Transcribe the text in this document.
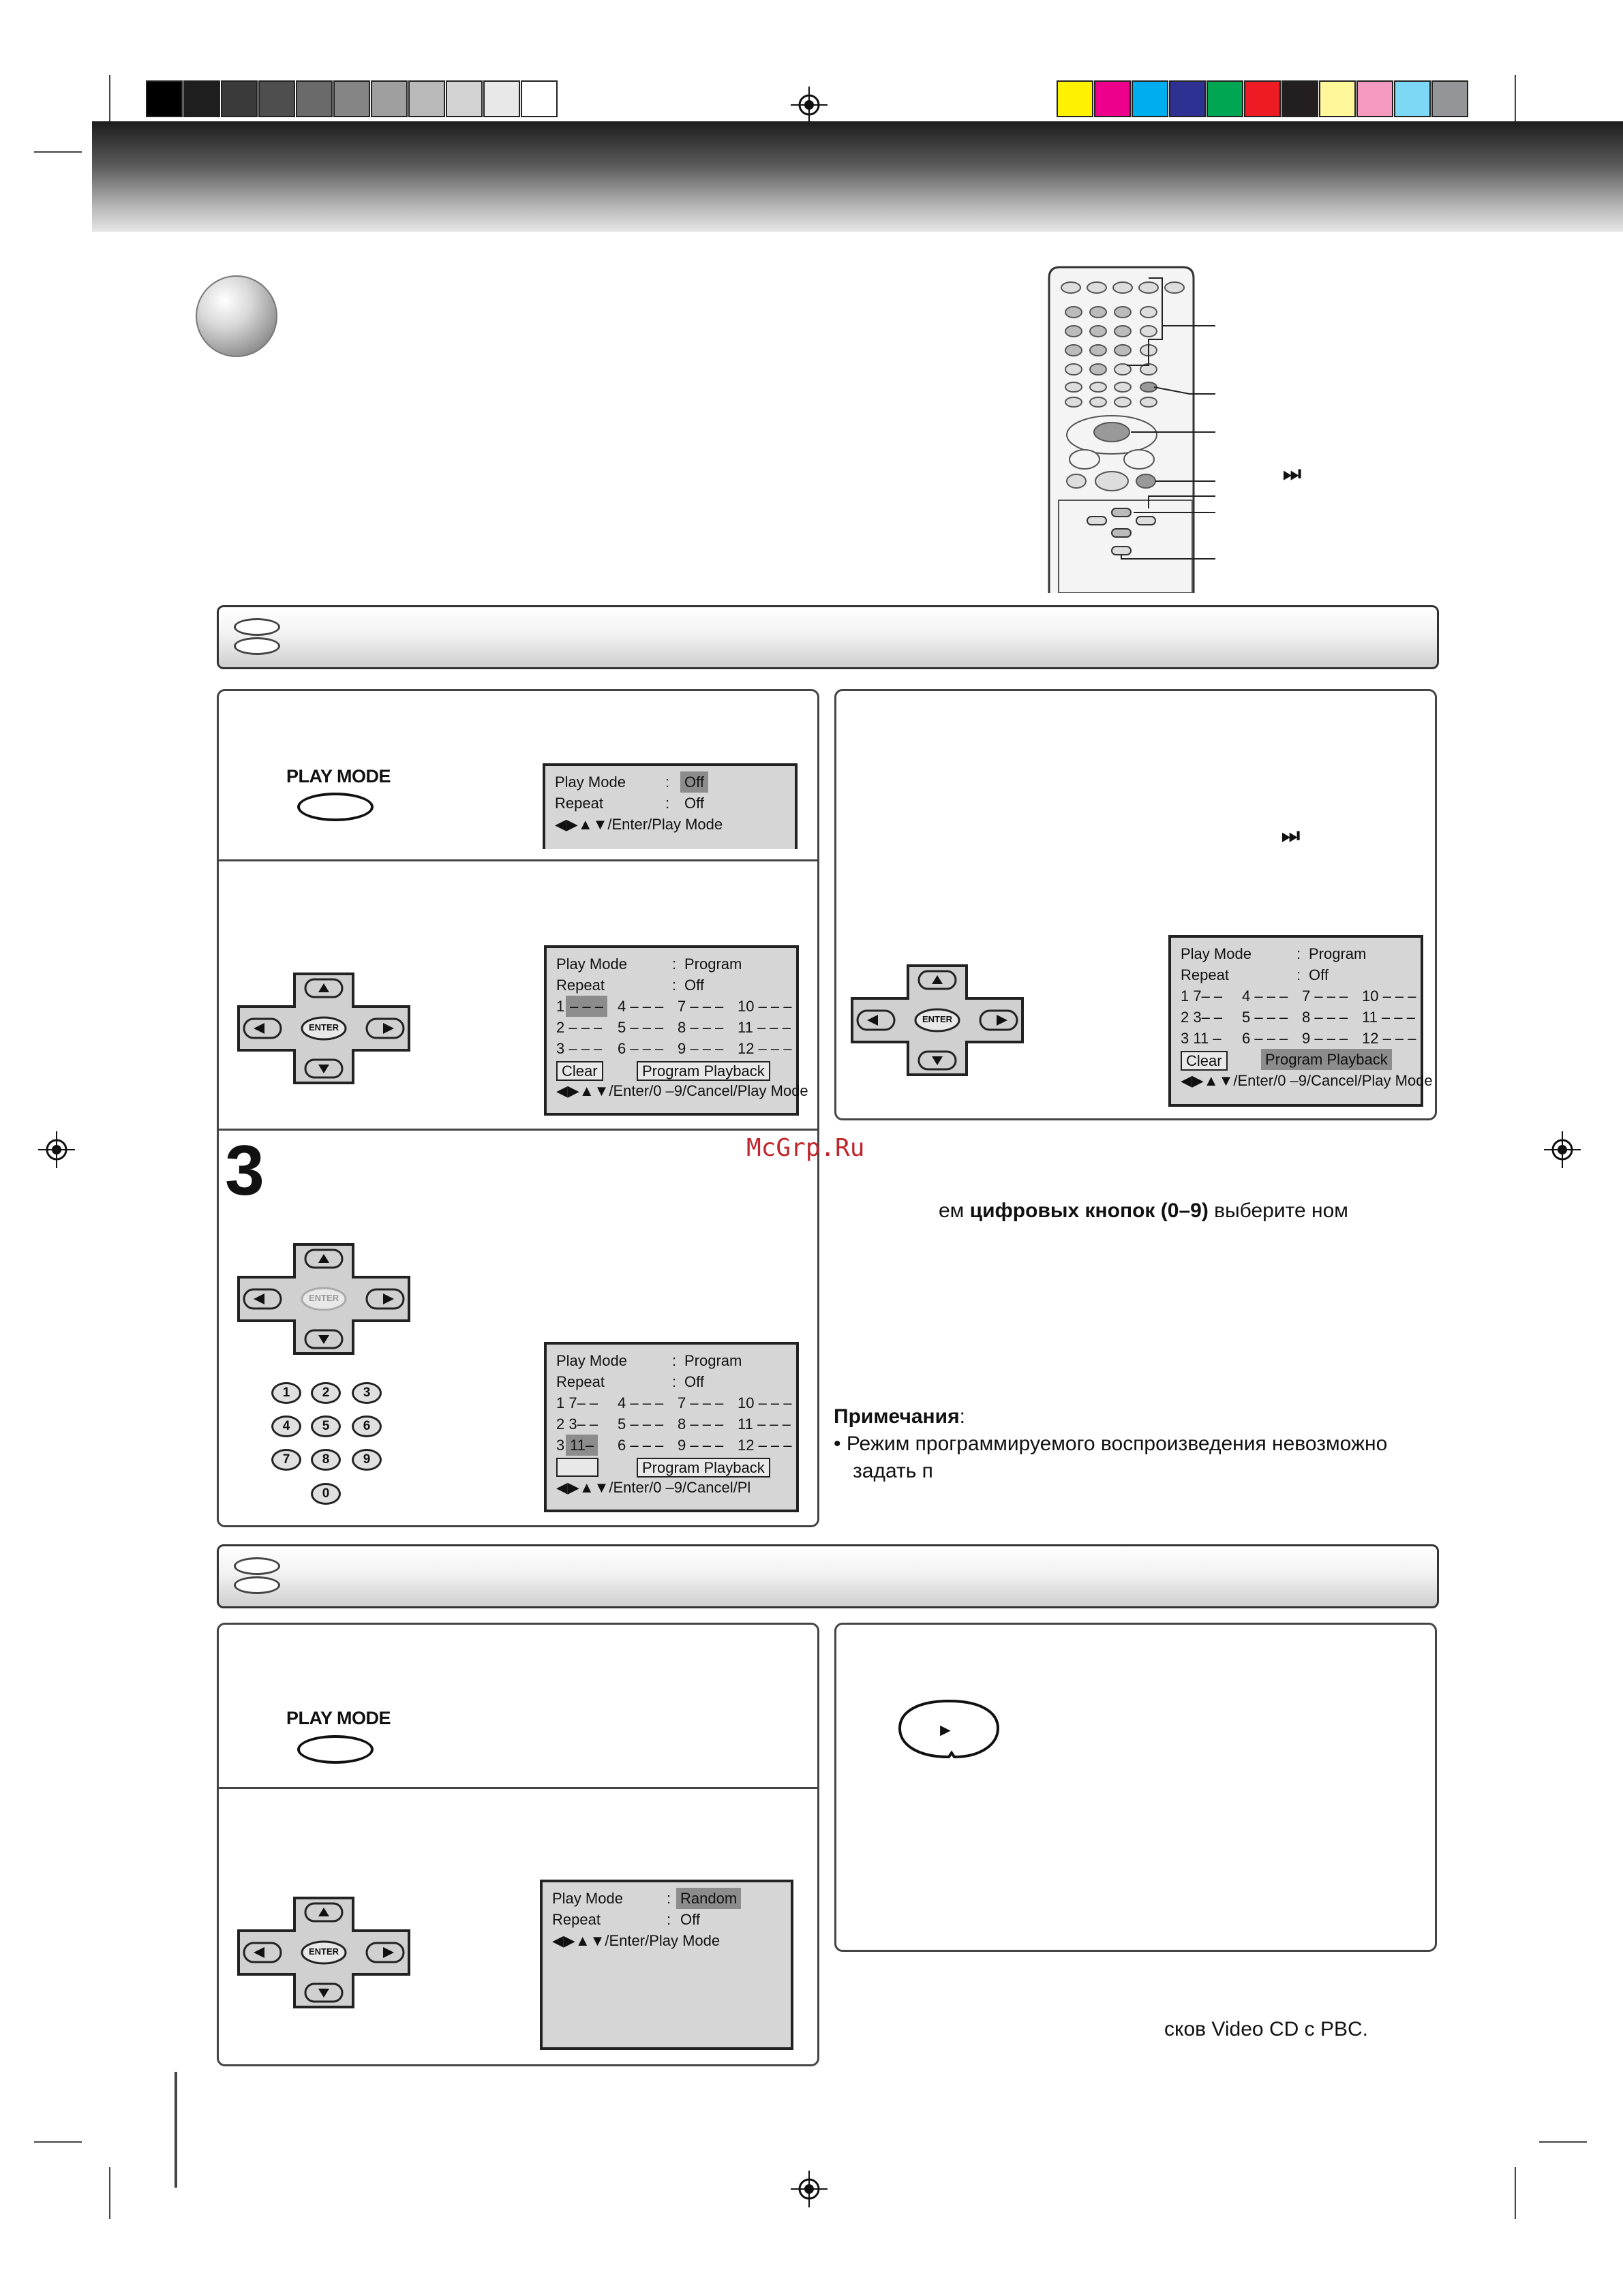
⏭
PLAY MODE	Play Mode	: Off
Repeat	: Off
◀▶▲▼/Enter/Play Mode
ENTER
Play Mode	: Program
Repeat	: Off
1 – – – 4 – – – 7 – – – 10 – – –
2 – – – 5 – – – 8 – – – 11 – – –
3 – – – 6 – – – 9 – – – 12 – – –
Clear	Program Playback
◀▶▲▼/Enter/0 –9/Cancel/Play Mode
3
ENTER
1	2	3
4	5	6
7	8	9
0
Play Mode	: Program
Repeat	: Off
1 7– – 4 – – – 7 – – – 10 – – –
2 3– – 5 – – – 8 – – – 11 – – –
3 11– 6 – – – 9 – – – 12 – – –
Program Playback
◀▶▲▼/Enter/0 –9/Cancel/Pl
⏭
ENTER
Play Mode	: Program
Repeat	: Off
1 7– – 4 – – – 7 – – – 10 – – –
2 3– – 5 – – – 8 – – – 11 – – –
3 11 – 6 – – – 9 – – – 12 – – –
Clear	Program Playback
◀▶▲▼/Enter/0 –9/Cancel/Play Mode
McGrp.Ru
ем цифровых кнопок (0–9) выберите ном
Примечания:
• Режим программируемого воспроизведения невозможно
задать п
PLAY MODE
ENTER
Play Mode	: Random
Repeat	: Off
◀▶▲▼/Enter/Play Mode
►
сков Video CD с PBC.
